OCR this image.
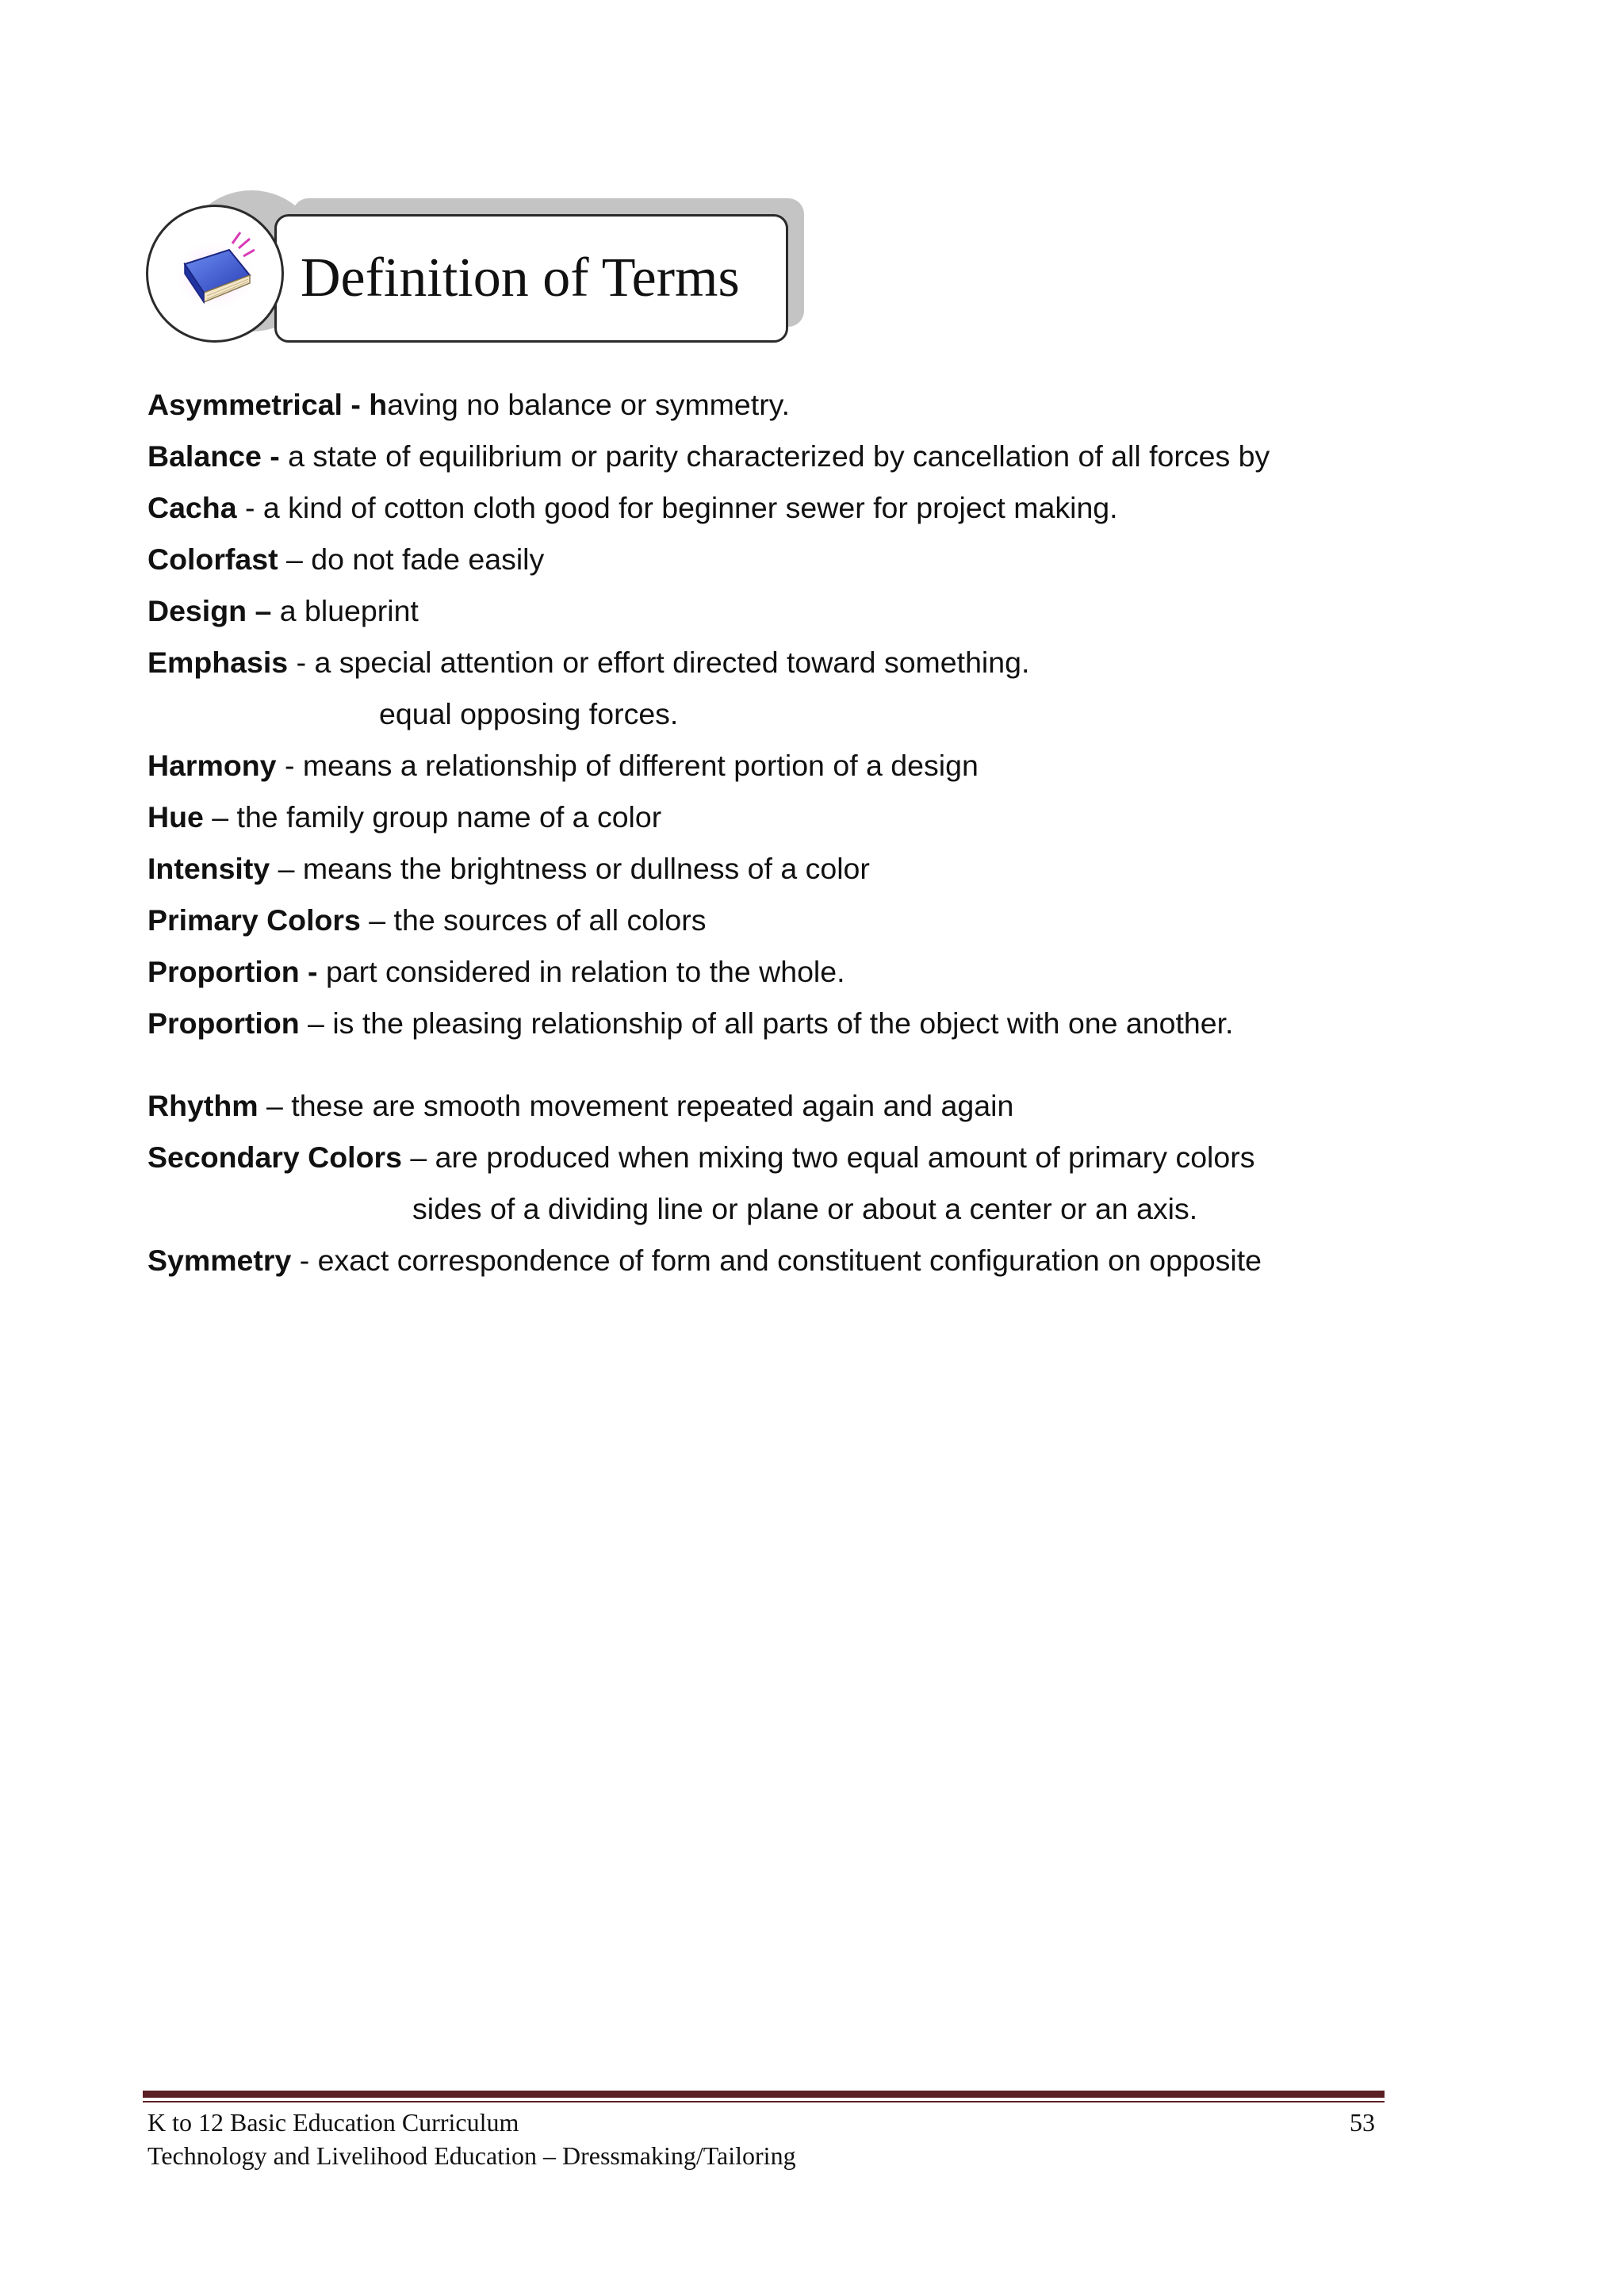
Definition of Terms
Asymmetrical - having no balance or symmetry.
Balance - a state of equilibrium or parity characterized by cancellation of all forces by
Cacha - a kind of cotton cloth good for beginner sewer for project making.
Colorfast – do not fade easily
Design – a blueprint
Emphasis - a special attention or effort directed toward something.
equal opposing forces.
Harmony - means a relationship of different portion of a design
Hue – the family group name of a color
Intensity – means the brightness or dullness of a color
Primary Colors – the sources of all colors
Proportion - part considered in relation to the whole.
Proportion – is the pleasing relationship of all parts of the object with one another.
Rhythm – these are smooth movement repeated again and again
Secondary Colors – are produced when mixing two equal amount of primary colors
sides of a dividing line or plane or about a center or an axis.
Symmetry - exact correspondence of form and constituent configuration on opposite
K to 12 Basic Education Curriculum
Technology and Livelihood Education – Dressmaking/Tailoring
53
